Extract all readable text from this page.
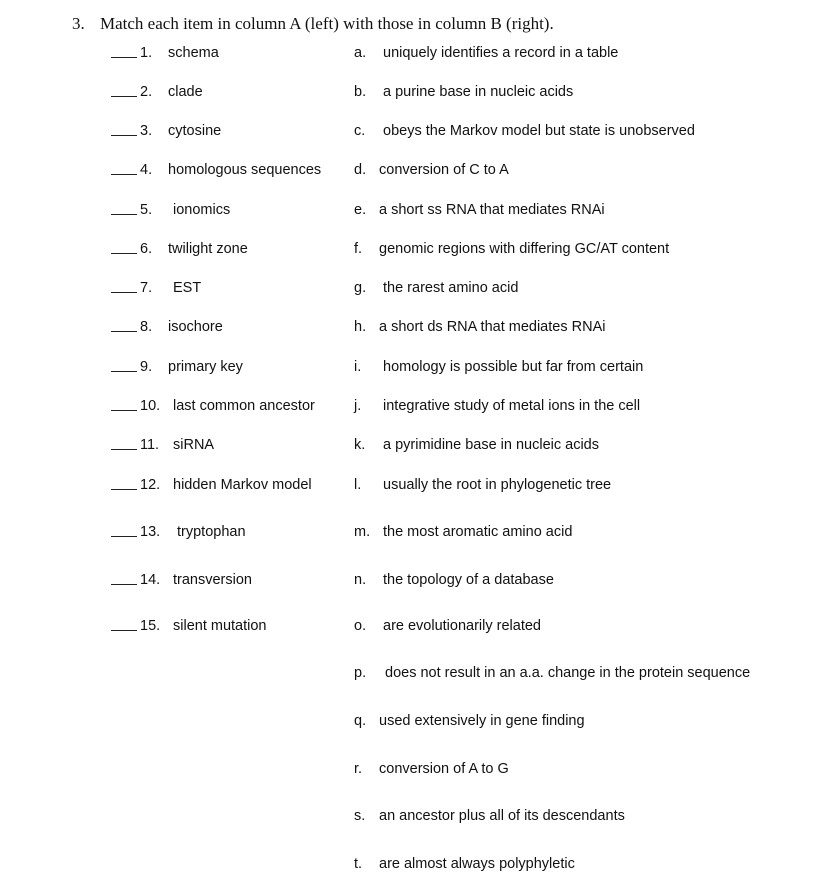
3. Match each item in column A (left) with those in column B (right).
1. schema	a. uniquely identifies a record in a table
2. clade	b. a purine base in nucleic acids
3. cytosine	c. obeys the Markov model but state is unobserved
4. homologous sequences d. conversion of C to A
5. ionomics	e. a short ss RNA that mediates RNAi
6. twilight zone	f. genomic regions with differing GC/AT content
7. EST	g. the rarest amino acid
8. isochore	h. a short ds RNA that mediates RNAi
9. primary key	i. homology is possible but far from certain
10. last common ancestor	j. integrative study of metal ions in the cell
11. siRNA	k. a pyrimidine base in nucleic acids
12. hidden Markov model	l. usually the root in phylogenetic tree
13. tryptophan	m. the most aromatic amino acid
14. transversion	n. the topology of a database
15. silent mutation	o. are evolutionarily related
p. does not result in an a.a. change in the protein sequence
q. used extensively in gene finding
r. conversion of A to G
s. an ancestor plus all of its descendants
t. are almost always polyphyletic
